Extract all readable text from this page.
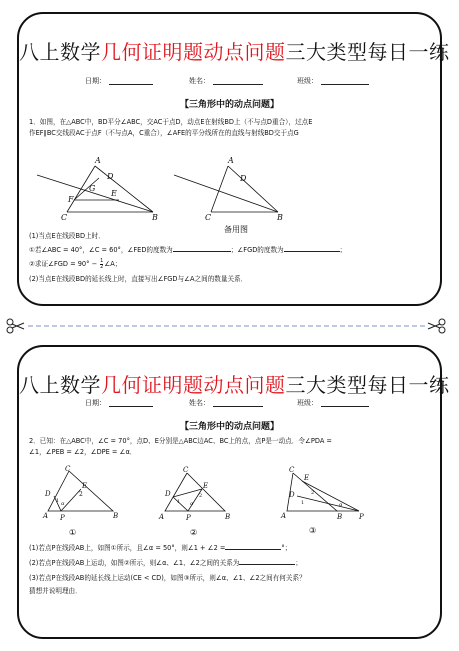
八上数学几何证明题动点问题三大类型每日一练
日期：	姓名：	班级：
【三角形中的动点问题】
1．如图，在△ABC中，BD平分∠ABC，交AC于点D，动点E在射线BD上（不与点D重合），过点E
作EF∥BC交线段AC于点F（不与点A，C重合），∠AFE的平分线所在的直线与射线BD交于点G
A
D
G
F
E
C	B
A
D
C	B
备用图
(1)当点E在线段BD上时．
①若∠ABC = 40°，∠C = 60°，∠FED的度数为	；∠FGD的度数为	；
②求证∠FGD = $90^\circ - \frac{1}{2}$ ∠A；
(2)当点E在线段BD的延长线上时，直接写出∠FGD与∠A之间的数量关系．
八上数学几何证明题动点问题三大类型每日一练
日期：	姓名：	班级：
【三角形中的动点问题】
2．已知：在△ABC中，∠C = 70°，点D、E分别是△ABC边AC、BC上的点，点P是一动点．令∠PDA =
∠1，∠PEB = ∠2，∠DPE = ∠α．
C
D
E
α
1
2
A P	B
①
C
D
E
α
1
2
A	P	B
②
C
E
D
α
2
1
A	B P
③
(1)若点P在线段AB上，如图①所示，且∠α = 50°，则∠1 + ∠2 =	°；
(2)若点P在线段AB上运动，如图②所示，则∠α、∠1、∠2之间的关系为	；
(3)若点P在线段AB的延长线上运动(CE < CD)，如图③所示，则∠α、∠1、∠2之间有何关系？
猜想并说明理由．
